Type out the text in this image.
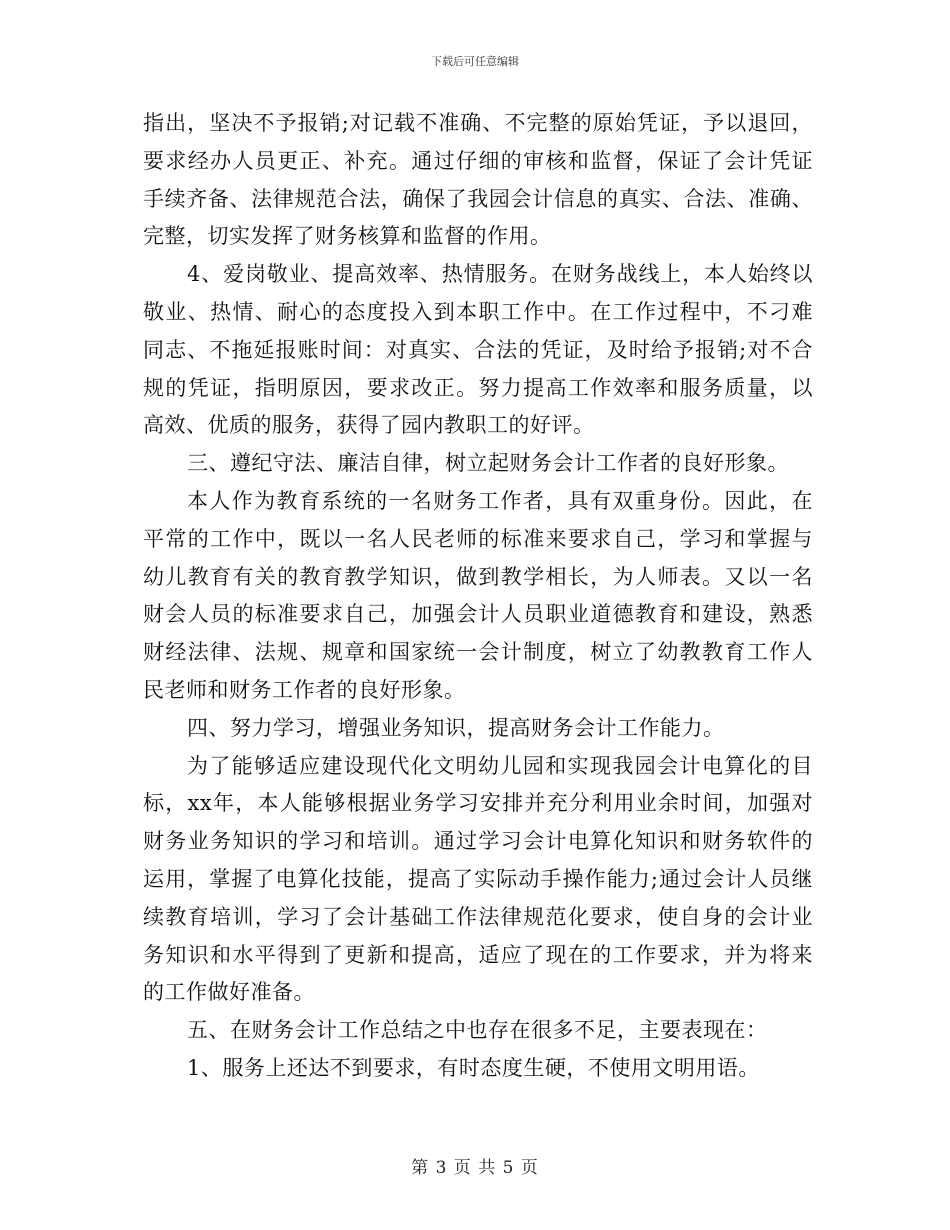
下载后可任意编辑
指出，坚决不予报销;对记载不准确、不完整的原始凭证，予以退回，
要求经办人员更正、补充。通过仔细的审核和监督，保证了会计凭证
手续齐备、法律规范合法，确保了我园会计信息的真实、合法、准确、
完整，切实发挥了财务核算和监督的作用。
4、爱岗敬业、提高效率、热情服务。在财务战线上，本人始终以
敬业、热情、耐心的态度投入到本职工作中。在工作过程中，不刁难
同志、不拖延报账时间：对真实、合法的凭证，及时给予报销;对不合
规的凭证，指明原因，要求改正。努力提高工作效率和服务质量，以
高效、优质的服务，获得了园内教职工的好评。
三、遵纪守法、廉洁自律，树立起财务会计工作者的良好形象。
本人作为教育系统的一名财务工作者，具有双重身份。因此，在
平常的工作中，既以一名人民老师的标准来要求自己，学习和掌握与
幼儿教育有关的教育教学知识，做到教学相长，为人师表。又以一名
财会人员的标准要求自己，加强会计人员职业道德教育和建设，熟悉
财经法律、法规、规章和国家统一会计制度，树立了幼教教育工作人
民老师和财务工作者的良好形象。
四、努力学习，增强业务知识，提高财务会计工作能力。
为了能够适应建设现代化文明幼儿园和实现我园会计电算化的目
标，xx年，本人能够根据业务学习安排并充分利用业余时间，加强对
财务业务知识的学习和培训。通过学习会计电算化知识和财务软件的
运用，掌握了电算化技能，提高了实际动手操作能力;通过会计人员继
续教育培训，学习了会计基础工作法律规范化要求，使自身的会计业
务知识和水平得到了更新和提高，适应了现在的工作要求，并为将来
的工作做好准备。
五、在财务会计工作总结之中也存在很多不足，主要表现在：
1、服务上还达不到要求，有时态度生硬，不使用文明用语。
第 3 页 共 5 页
